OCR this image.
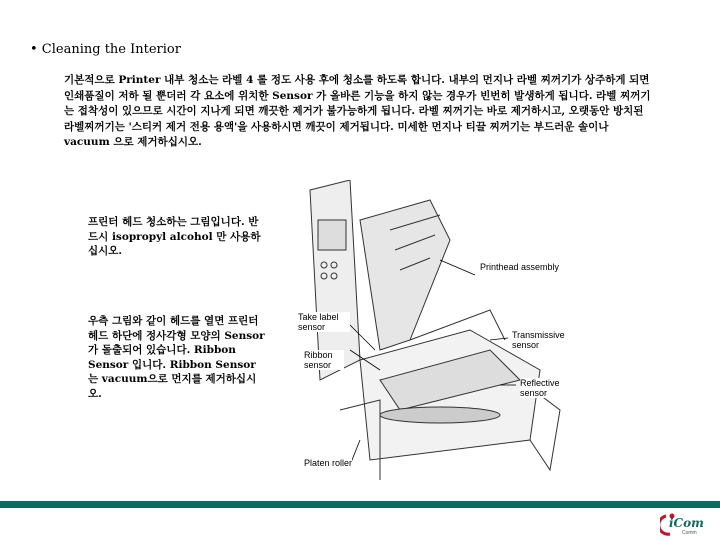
• Cleaning the Interior
기본적으로 Printer 내부 청소는 라벨 4 롤 정도 사용 후에 청소를 하도록 합니다. 내부의 먼지나 라벨 찌꺼기가 상주하게 되면 인쇄품질이 저하 될 뿐더러 각 요소에 위치한 Sensor 가 올바른 기능을 하지 않는 경우가 빈번히 발생하게 됩니다. 라벨 찌꺼기는 접착성이 있으므로 시간이 지나게 되면 깨끗한 제거가 불가능하게 됩니다. 라벨 찌꺼기는 바로 제거하시고, 오랫동안 방치된 라벨찌꺼기는 '스티커 제거 전용 용액'을 사용하시면 깨끗이 제거됩니다. 미세한 먼지나 티끌 찌꺼기는 부드러운 솔이나 vacuum 으로 제거하십시오.
프린터 헤드 청소하는 그림입니다. 반드시 isopropyl alcohol 만 사용하십시오.
우측 그림와 같이 헤드를 열면 프린터 헤드 하단에 정사각형 모양의 Sensor가 돌출되어 있습니다. Ribbon Sensor 입니다. Ribbon Sensor 는 vacuum으로 먼지를 제거하십시오.
Printhead assembly
Take label sensor
Transmissive sensor
Ribbon sensor
Reflective sensor
Platen roller
iCom
Comm
